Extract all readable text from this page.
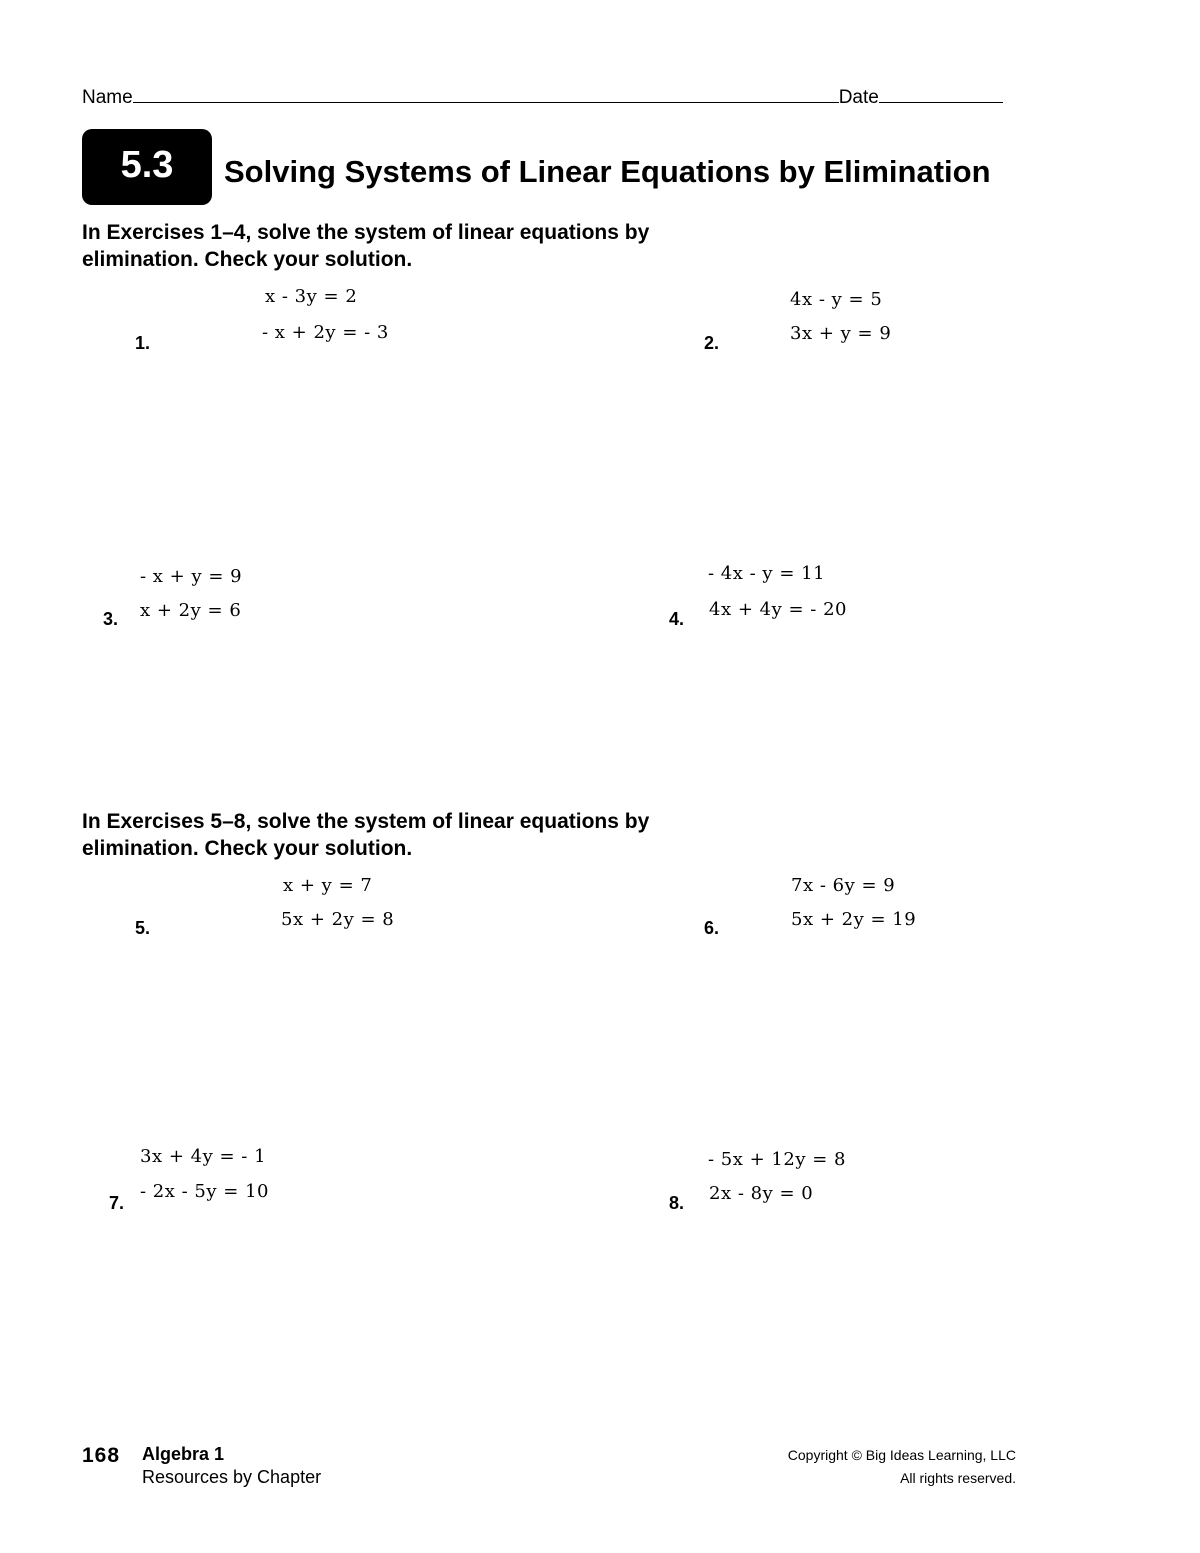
Name	Date
5.3 Solving Systems of Linear Equations by Elimination
In Exercises 1–4, solve the system of linear equations by
elimination. Check your solution.
1.
x - 3y = 2
- x + 2y = - 3	2.
4x - y = 5
3x + y = 9
3.
- x + y = 9
x + 2y = 6	4.
- 4x - y = 11
4x + 4y = - 20
In Exercises 5–8, solve the system of linear equations by
elimination. Check your solution.
5.
x + y = 7
5x + 2y = 8	6.
7x - 6y = 9
5x + 2y = 19
7.
3x + 4y = - 1
- 2x - 5y = 10
8.
- 5x + 12y = 8
2x - 8y = 0
168 Algebra 1
Resources by Chapter
Copyright © Big Ideas Learning, LLC
All rights reserved.
